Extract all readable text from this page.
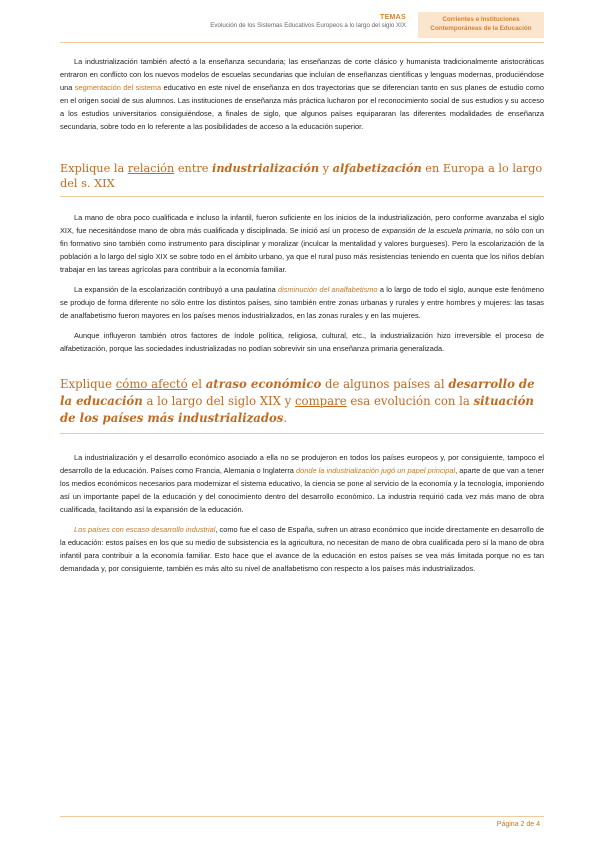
TEMAS
Evolución de los Sistemas Educativos Europeos a lo largo del siglo XIX
Corrientes e Instituciones
Contemporáneas de la Educación

La industrialización también afectó a la enseñanza secundaria; las enseñanzas de corte clásico y humanista tradicionalmente aristocráticas entraron en conflicto con los nuevos modelos de escuelas secundarias que incluían de enseñanzas científicas y lenguas modernas, produciéndose una segmentación del sistema educativo en este nivel de enseñanza en dos trayectorias que se diferencian tanto en sus planes de estudio como en el origen social de sus alumnos. Las instituciones de enseñanza más práctica lucharon por el reconocimiento social de sus estudios y su acceso a los estudios universitarios consiguiéndose, a finales de siglo, que algunos países equipararan las diferentes modalidades de enseñanza secundaria, sobre todo en lo referente a las posibilidades de acceso a la educación superior.

Explique la relación entre industrialización y alfabetización en Europa a lo largo del s. XIX

La mano de obra poco cualificada e incluso la infantil, fueron suficiente en los inicios de la industrialización, pero conforme avanzaba el siglo XIX, fue necesitándose mano de obra más cualificada y disciplinada. Se inició así un proceso de expansión de la escuela primaria, no sólo con un fin formativo sino también como instrumento para disciplinar y moralizar (inculcar la mentalidad y valores burgueses). Pero la escolarización de la población a lo largo del siglo XIX se sobre todo en el ámbito urbano, ya que el rural puso más resistencias teniendo en cuenta que los niños debían trabajar en las tareas agrícolas para contribuir a la economía familiar.

La expansión de la escolarización contribuyó a una paulatina disminución del analfabetismo a lo largo de todo el siglo, aunque este fenómeno se produjo de forma diferente no sólo entre los distintos países, sino también entre zonas urbanas y rurales y entre hombres y mujeres: las tasas de analfabetismo fueron mayores en los países menos industrializados, en las zonas rurales y en las mujeres.

Aunque influyeron también otros factores de índole política, religiosa, cultural, etc., la industrialización hizo irreversible el proceso de alfabetización, porque las sociedades industrializadas no podían sobrevivir sin una enseñanza primaria generalizada.

Explique cómo afectó el atraso económico de algunos países al desarrollo de la educación a lo largo del siglo XIX y compare esa evolución con la situación de los países más industrializados.

La industrialización y el desarrollo económico asociado a ella no se produjeron en todos los países europeos y, por consiguiente, tampoco el desarrollo de la educación. Países como Francia, Alemania o Inglaterra donde la industrialización jugó un papel principal, aparte de que van a tener los medios económicos necesarios para modernizar el sistema educativo, la ciencia se pone al servicio de la economía y la tecnología, imponiendo así un importante papel de la educación y del conocimiento dentro del desarrollo económico. La industria requirió cada vez más mano de obra cualificada, facilitando así la expansión de la educación.

Los países con escaso desarrollo industrial, como fue el caso de España, sufren un atraso económico que incide directamente en desarrollo de la educación: estos países en los que su medio de subsistencia es la agricultura, no necesitan de mano de obra cualificada pero sí la mano de obra infantil para contribuir a la economía familiar. Esto hace que el avance de la educación en estos países se vea más limitada porque no es tan demandada y, por consiguiente, también es más alto su nivel de analfabetismo con respecto a los países más industrializados.

Página 2 de 4
